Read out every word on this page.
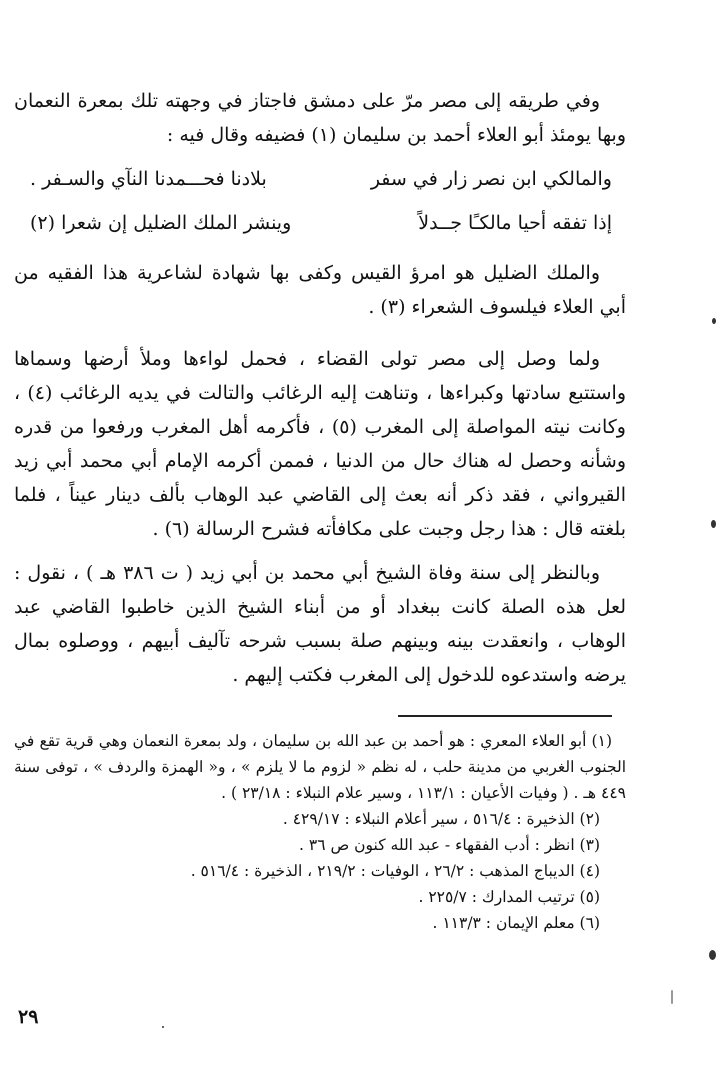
وفي طريقه إلى مصر مرّ على دمشق فاجتاز في وجهته تلك بمعرة النعمان وبها يومئذ أبو العلاء أحمد بن سليمان (١) فضيفه وقال فيه :

والمالكي ابن نصر زار في سفر
بلادنا فحـــمدنا النآي والسـفر .
إذا تفقه أحيا مالكـًا جــدلاً
وينشر الملك الضليل إن شعرا (٢)

والملك الضليل هو امرؤ القيس وكفى بها شهادة لشاعرية هذا الفقيه من أبي العلاء فيلسوف الشعراء (٣) .

ولما وصل إلى مصر تولى القضاء ، فحمل لواءها وملأ أرضها وسماها واستتبع سادتها وكبراءها ، وتناهت إليه الرغائب والتالت في يديه الرغائب (٤) ، وكانت نيته المواصلة إلى المغرب (٥) ، فأكرمه أهل المغرب ورفعوا من قدره وشأنه وحصل له هناك حال من الدنيا ، فممن أكرمه الإمام أبي محمد أبي زيد القيرواني ، فقد ذكر أنه بعث إلى القاضي عبد الوهاب بألف دينار عيناً ، فلما بلغته قال : هذا رجل وجبت على مكافأته فشرح الرسالة (٦) .

وبالنظر إلى سنة وفاة الشيخ أبي محمد بن أبي زيد ( ت ٣٨٦ هـ ) ، نقول : لعل هذه الصلة كانت ببغداد أو من أبناء الشيخ الذين خاطبوا القاضي عبد الوهاب ، وانعقدت بينه وبينهم صلة بسبب شرحه تآليف أبيهم ، ووصلوه بمال يرضه واستدعوه للدخول إلى المغرب فكتب إليهم .

(١) أبو العلاء المعري : هو أحمد بن عبد الله بن سليمان ، ولد بمعرة النعمان وهي قرية تقع في الجنوب الغربي من مدينة حلب ، له نظم « لزوم ما لا يلزم » ، و« الهمزة والردف » ، توفى سنة ٤٤٩ هـ . ( وفيات الأعيان : ١١٣/١ ، وسير علام النبلاء : ٢٣/١٨ ) .

(٢) الذخيرة : ٥١٦/٤ ، سير أعلام النبلاء : ٤٢٩/١٧ .

(٣) انظر : أدب الفقهاء - عبد الله كنون ص ٣٦ .

(٤) الديباج المذهب : ٢٦/٢ ، الوفيات : ٢١٩/٢ ، الذخيرة : ٥١٦/٤ .

(٥) ترتيب المدارك : ٢٢٥/٧ .

(٦) معلم الإيمان : ١١٣/٣ .

٢٩
